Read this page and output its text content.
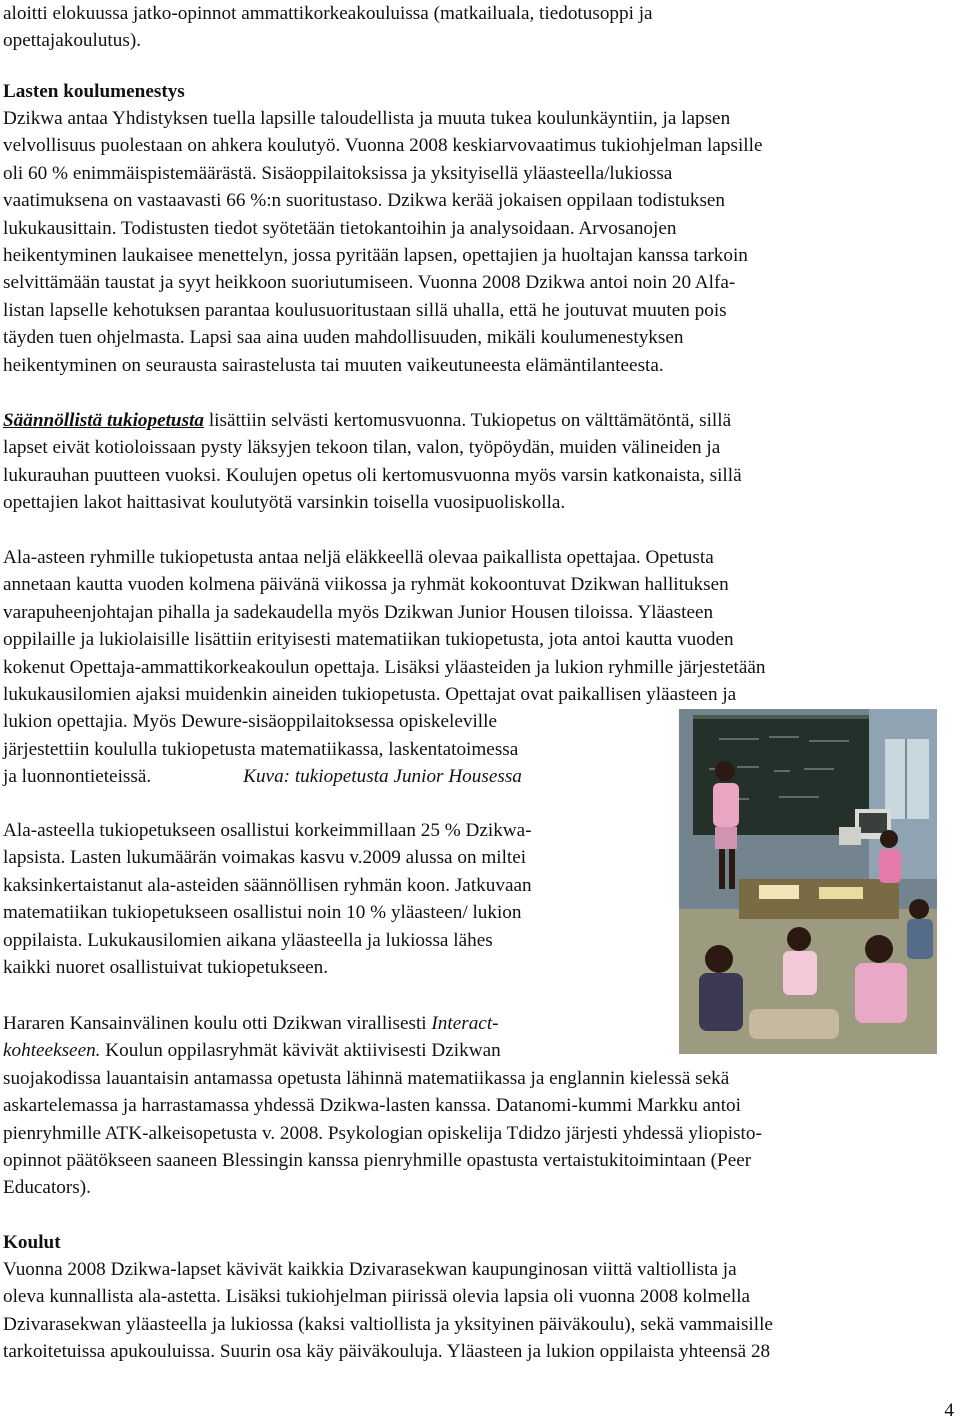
aloitti elokuussa jatko-opinnot ammattikorkeakouluissa (matkailuala, tiedotusoppi ja
opettajakoulutus).
Lasten koulumenestys
Dzikwa antaa Yhdistyksen tuella lapsille taloudellista ja muuta tukea koulunkäyntiin, ja lapsen
velvollisuus puolestaan on ahkera koulutyö. Vuonna 2008 keskiarvovaatimus tukiohjelman lapsille
oli 60 % enimmäispistemäärästä. Sisäoppilaitoksissa ja yksityisellä yläasteella/lukiossa
vaatimuksena on vastaavasti 66 %:n suoritustaso. Dzikwa kerää jokaisen oppilaan todistuksen
lukukausittain. Todistusten tiedot syötetään tietokantoihin ja analysoidaan. Arvosanojen
heikentyminen laukaisee menettelyn, jossa pyritään lapsen, opettajien ja huoltajan kanssa tarkoin
selvittämään taustat ja syyt heikkoon suoriutumiseen. Vuonna 2008 Dzikwa antoi noin 20 Alfa-
listan lapselle kehotuksen parantaa koulusuoritustaan sillä uhalla, että he joutuvat muuten pois
täyden tuen ohjelmasta. Lapsi saa aina uuden mahdollisuuden, mikäli koulumenestyksen
heikentyminen on seurausta sairastelusta tai muuten vaikeutuneesta elämäntilanteesta.
Säännöllistä tukiopetusta lisättiin selvästi kertomusvuonna. Tukiopetus on välttämätöntä, sillä
lapset eivät kotioloissaan pysty läksyjen tekoon tilan, valon, työpöydän, muiden välineiden ja
lukurauhan puutteen vuoksi. Koulujen opetus oli kertomusvuonna myös varsin katkonaista, sillä
opettajien lakot haittasivat koulutyötä varsinkin toisella vuosipuoliskolla.
Ala-asteen ryhmille tukiopetusta antaa neljä eläkkeellä olevaa paikallista opettajaa. Opetusta
annetaan kautta vuoden kolmena päivänä viikossa ja ryhmät kokoontuvat Dzikwan hallituksen
varapuheenjohtajan pihalla ja sadekaudella myös Dzikwan Junior Housen tiloissa. Yläasteen
oppilaille ja lukiolaisille lisättiin erityisesti matematiikan tukiopetusta, jota antoi kautta vuoden
kokenut Opettaja-ammattikorkeakoulun opettaja. Lisäksi yläasteiden ja lukion ryhmille järjestetään
lukukausilomien ajaksi muidenkin aineiden tukiopetusta. Opettajat ovat paikallisen yläasteen ja
lukion opettajia. Myös Dewure-sisäoppilaitoksessa opiskeleville
järjestettiin koululla tukiopetusta matematiikassa, laskentatoimessa
ja luonnontieteissä.	Kuva: tukiopetusta Junior Housessa
Ala-asteella tukiopetukseen osallistui korkeimmillaan 25 % Dzikwa-
lapsista. Lasten lukumäärän voimakas kasvu v.2009 alussa on miltei
kaksinkertaistanut ala-asteiden säännöllisen ryhmän koon. Jatkuvaan
matematiikan tukiopetukseen osallistui noin 10 % yläasteen/ lukion
oppilaista. Lukukausilomien aikana yläasteella ja lukiossa lähes
kaikki nuoret osallistuivat tukiopetukseen.
Hararen Kansainvälinen koulu otti Dzikwan virallisesti Interact-
kohteekseen. Koulun oppilasryhmät kävivät aktiivisesti Dzikwan
suojakodissa lauantaisin antamassa opetusta lähinnä matematiikassa ja englannin kielessä sekä
askartelemassa ja harrastamassa yhdessä Dzikwa-lasten kanssa. Datanomi-kummi Markku antoi
pienryhmille ATK-alkeisopetusta v. 2008. Psykologian opiskelija Tdidzo järjesti yhdessä yliopisto-
opinnot päätökseen saaneen Blessingin kanssa pienryhmille opastusta vertaistukitoimintaan (Peer
Educators).
Koulut
Vuonna 2008 Dzikwa-lapset kävivät kaikkia Dzivarasekwan kaupunginosan viittä valtiollista ja
oleva kunnallista ala-astetta. Lisäksi tukiohjelman piirissä olevia lapsia oli vuonna 2008 kolmella
Dzivarasekwan yläasteella ja lukiossa (kaksi valtiollista ja yksityinen päiväkoulu), sekä vammaisille
tarkoitetuissa apukouluissa. Suurin osa käy päiväkouluja. Yläasteen ja lukion oppilaista yhteensä 28
4
